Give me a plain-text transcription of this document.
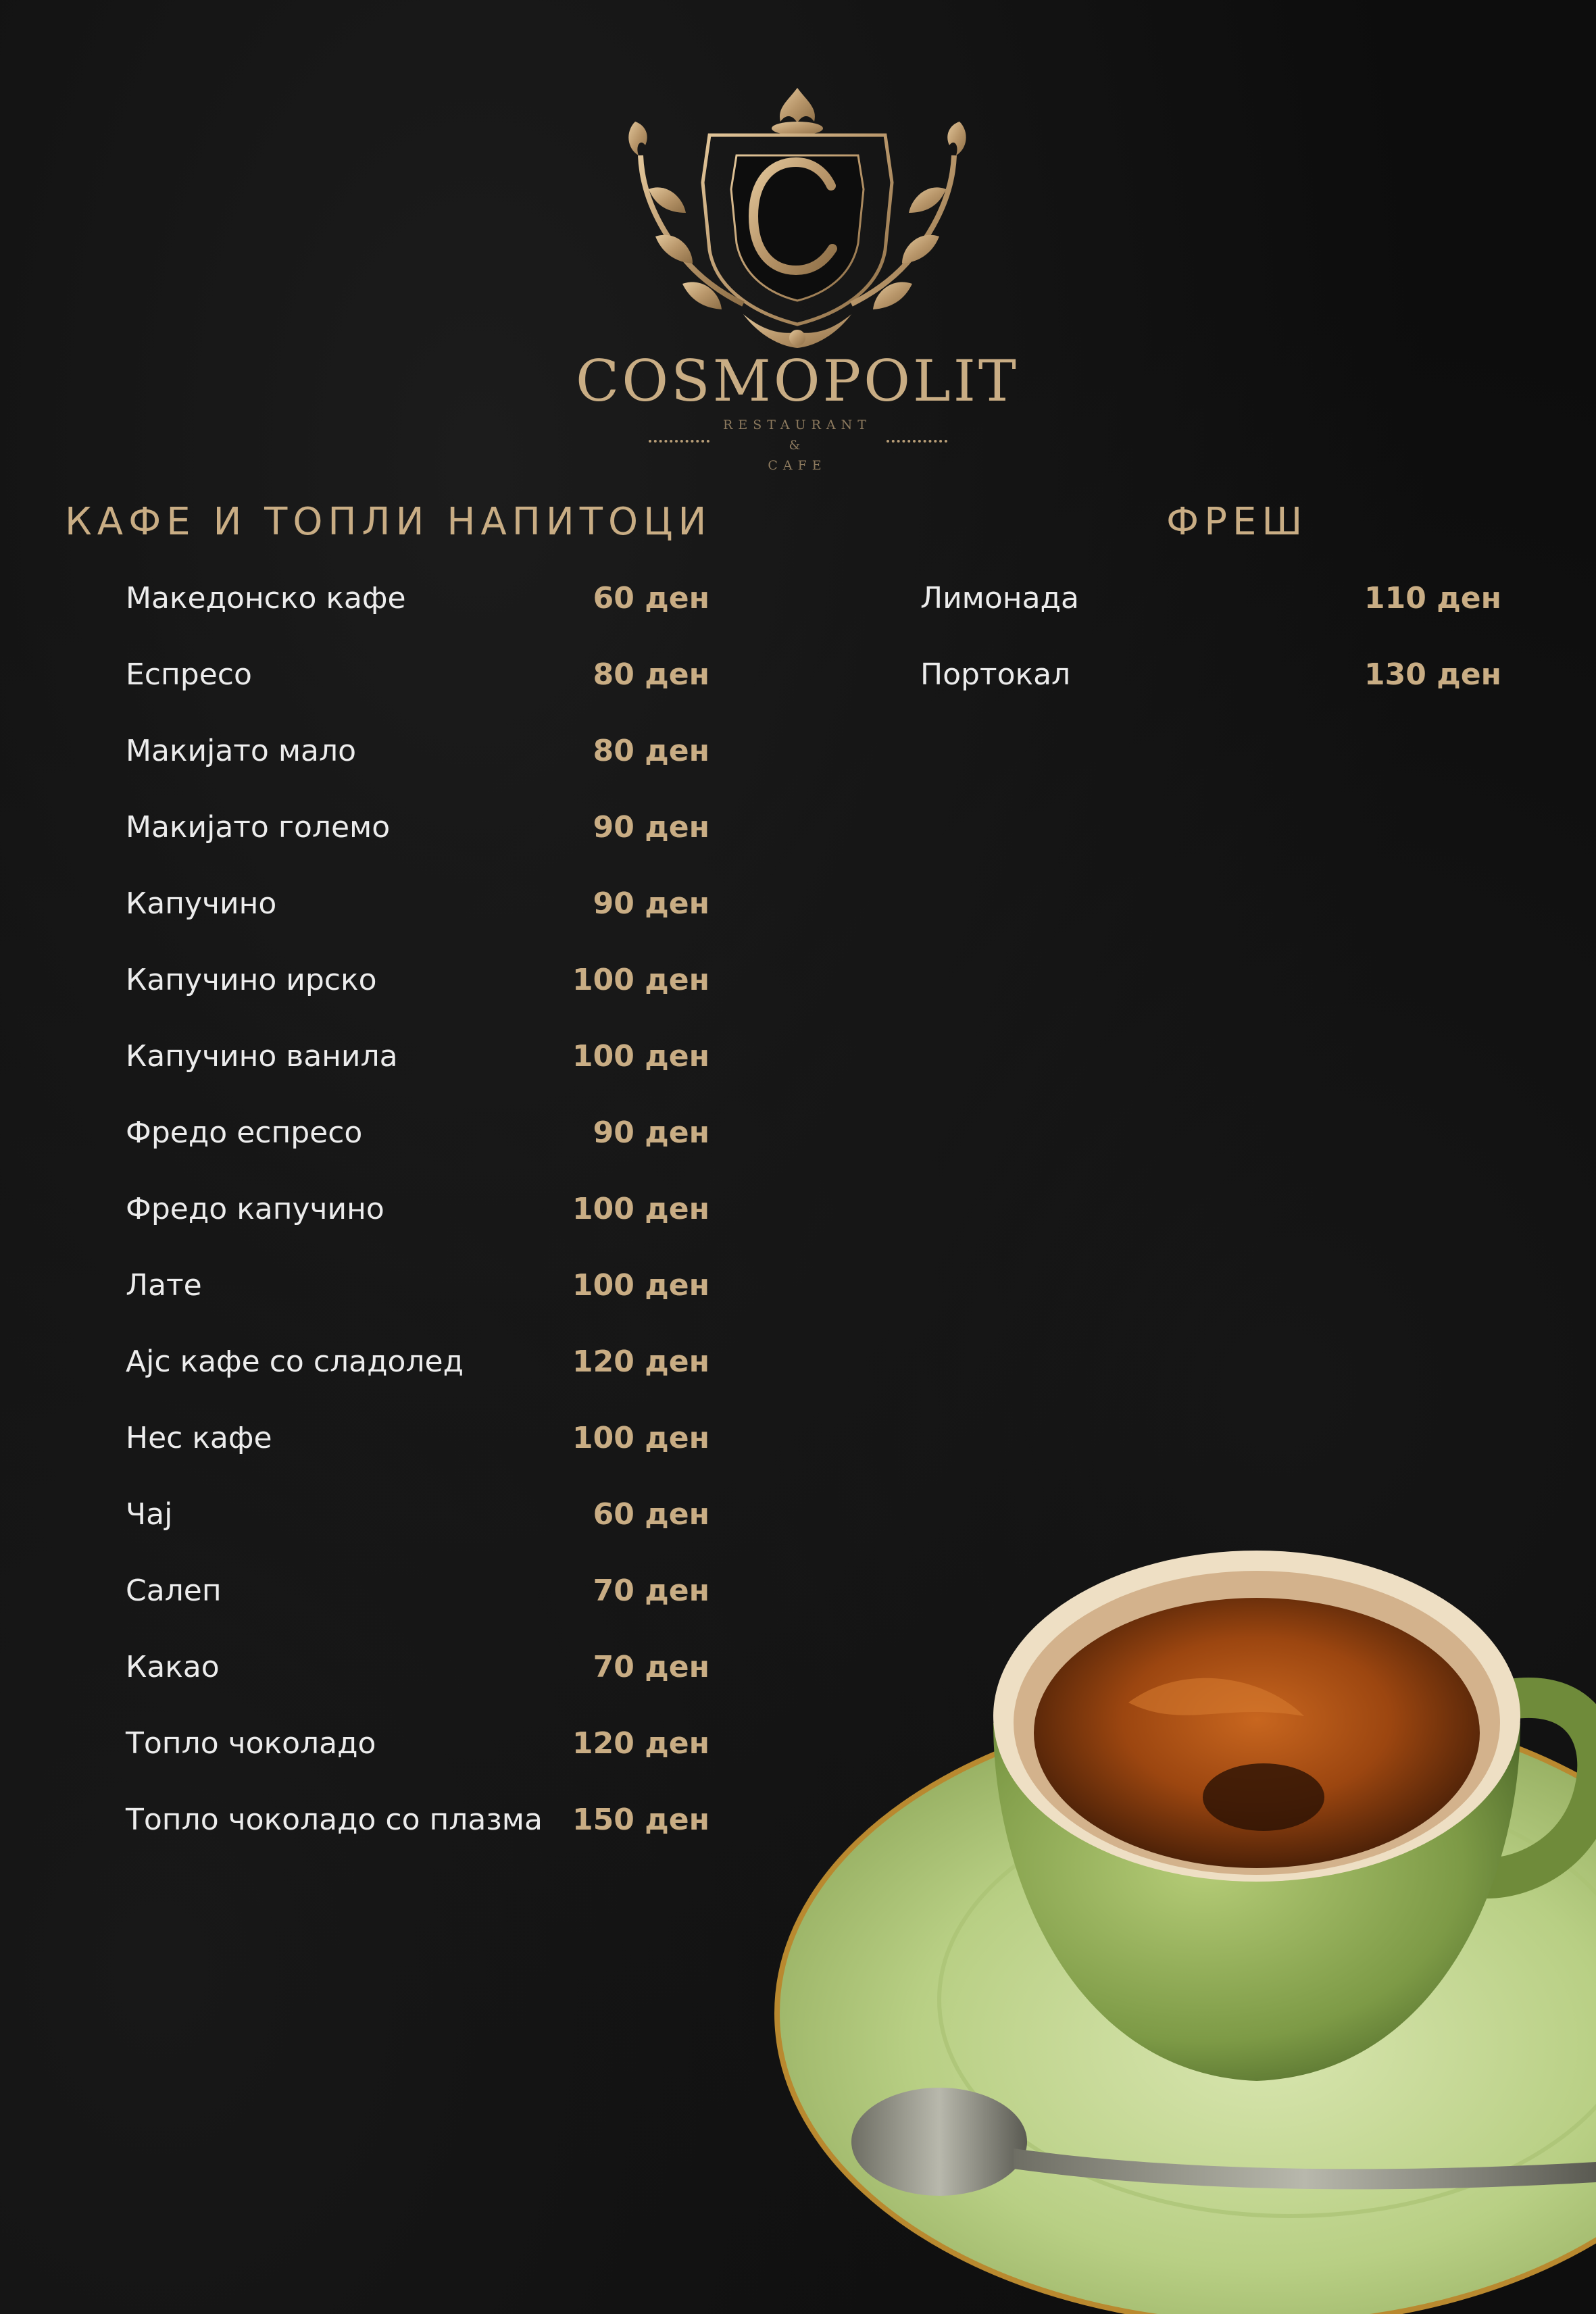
COSMOPOLIT
RESTAURANT
&
CAFE
КАФЕ И ТОПЛИ НАПИТОЦИ	ФРЕШ
Македонско кафе	60 ден
Еспресо	80 ден
Макијато мало	80 ден
Макијато големо	90 ден
Капучино	90 ден
Капучино ирско	100 ден
Капучино ванила	100 ден
Фредо еспресо	90 ден
Фредо капучино	100 ден
Лате	100 ден
Ајс кафе со сладолед	120 ден
Нес кафе	100 ден
Чај	60 ден
Салеп	70 ден
Какао	70 ден
Топло чоколадо	120 ден
Топло чоколадо со плазма 150 ден
Лимонада	110 ден
Портокал	130 ден
